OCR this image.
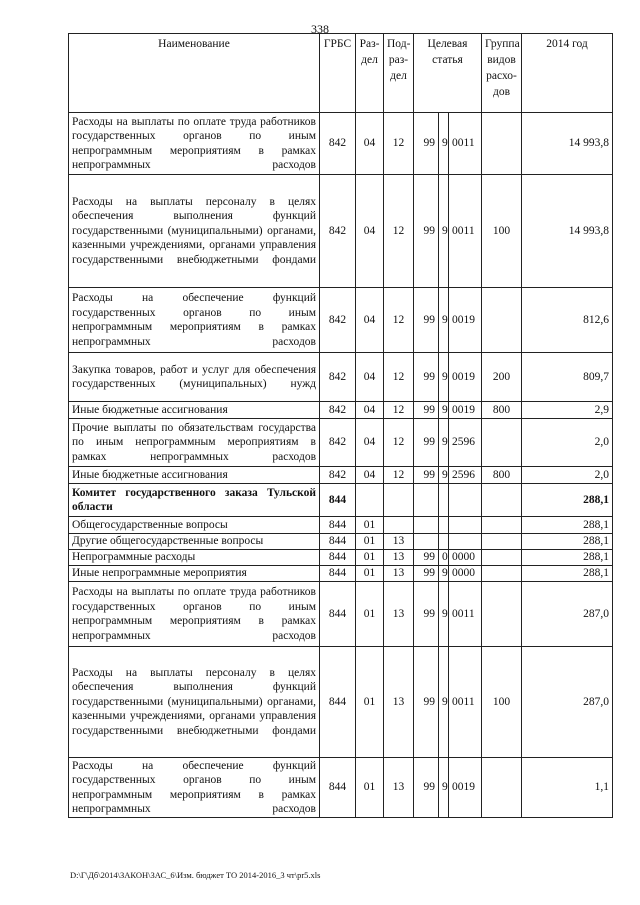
338
Наименование	ГРБС	Раз-дел	Под-раз-дел	Целевая статья			Группа видов расхо-дов	2014 год
Расходы на выплаты по оплате труда работников государственных органов по иным непрограммным мероприятиям в рамках непрограммных расходов	842	04	12	99	9	0011		14 993,8
Расходы на выплаты персоналу в целях обеспечения выполнения функций государственными (муниципальными) органами, казенными учреждениями, органами управления государственными внебюджетными фондами	842	04	12	99	9	0011	100	14 993,8
Расходы на обеспечение функций государственных органов по иным непрограммным мероприятиям в рамках непрограммных расходов	842	04	12	99	9	0019		812,6
Закупка товаров, работ и услуг для обеспечения государственных (муниципальных) нужд	842	04	12	99	9	0019	200	809,7
Иные бюджетные ассигнования	842	04	12	99	9	0019	800	2,9
Прочие выплаты по обязательствам государства по иным непрограммным мероприятиям в рамках непрограммных расходов	842	04	12	99	9	2596		2,0
Иные бюджетные ассигнования	842	04	12	99	9	2596	800	2,0
Комитет государственного заказа Тульской области	844							288,1
Общегосударственные вопросы	844	01						288,1
Другие общегосударственные вопросы	844	01	13					288,1
Непрограммные расходы	844	01	13	99	0	0000		288,1
Иные непрограммные мероприятия	844	01	13	99	9	0000		288,1
Расходы на выплаты по оплате труда работников государственных органов по иным непрограммным мероприятиям в рамках непрограммных расходов	844	01	13	99	9	0011		287,0
Расходы на выплаты персоналу в целях обеспечения выполнения функций государственными (муниципальными) органами, казенными учреждениями, органами управления государственными внебюджетными фондами	844	01	13	99	9	0011	100	287,0
Расходы на обеспечение функций государственных органов по иным непрограммным мероприятиям в рамках непрограммных расходов	844	01	13	99	9	0019		1,1
D:\Г\Дб\2014\ЗАКОН\ЗАС_6\Изм. бюджет ТО 2014-2016_3 чт\pr5.xls
